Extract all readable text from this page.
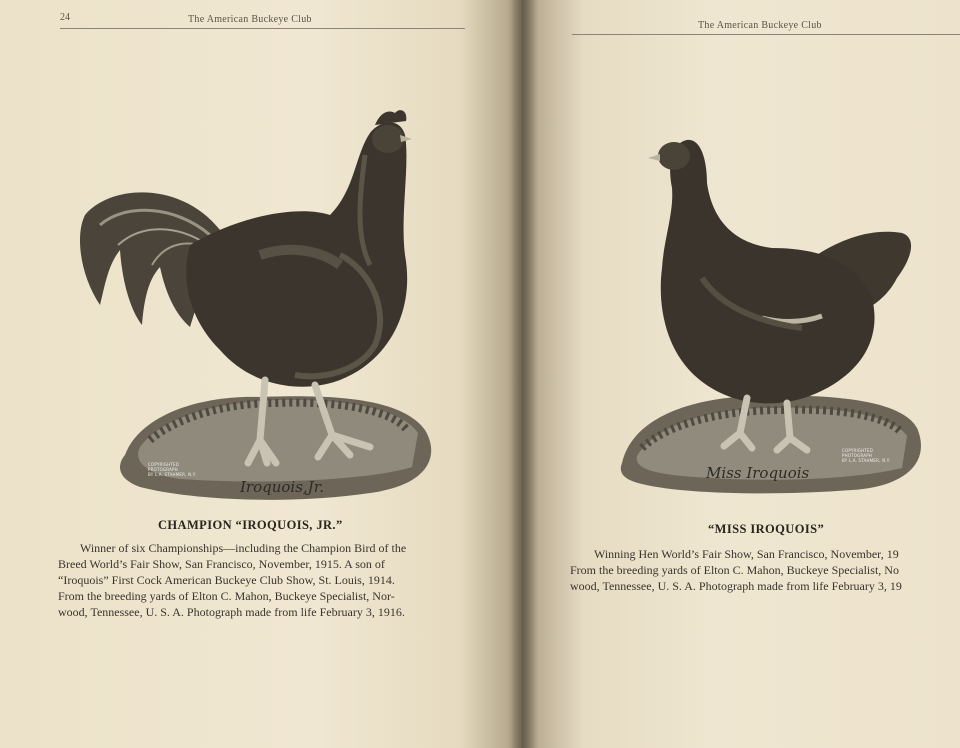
24	The American Buckeye Club
The American Buckeye Club
Iroquois,Jr.
COPYRIGHTED
PROTOGRAPH
BY L.A. STAHMER, N.Y.
CHAMPION “IROQUOIS, JR.”
Winner of six Championships—including the Champion Bird of the
Breed World’s Fair Show, San Francisco, November, 1915. A son of
“Iroquois” First Cock American Buckeye Club Show, St. Louis, 1914.
From the breeding yards of Elton C. Mahon, Buckeye Specialist, Nor-
wood, Tennessee, U. S. A. Photograph made from life February 3, 1916.
Miss Iroquois
COPYRIGHTED
PHOTOGRAPH
BY L.A. STAHMER, N.Y.
“MISS IROQUOIS”
Winning Hen World’s Fair Show, San Francisco, November, 19
From the breeding yards of Elton C. Mahon, Buckeye Specialist, No
wood, Tennessee, U. S. A. Photograph made from life February 3, 19
